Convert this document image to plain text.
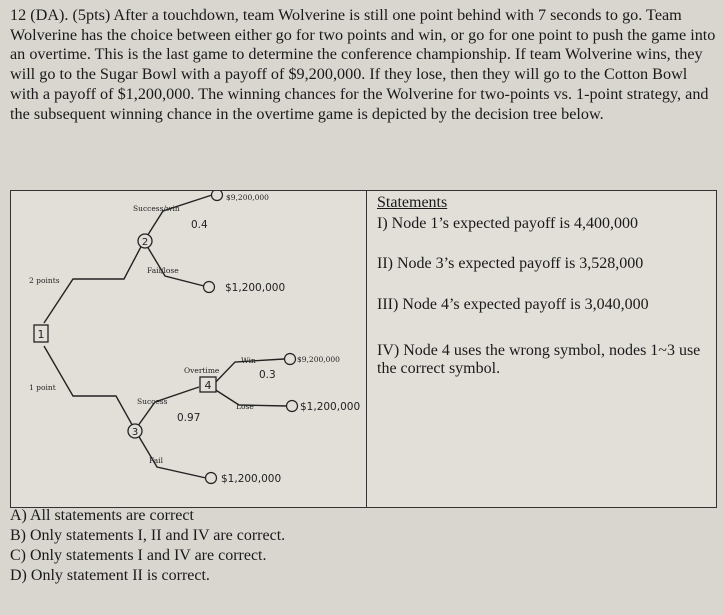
12 (DA). (5pts) After a touchdown, team Wolverine is still one point behind with 7 seconds to go. Team Wolverine has the choice between either go for two points and win, or go for one point to push the game into an overtime. This is the last game to determine the conference championship. If team Wolverine wins, they will go to the Sugar Bowl with a payoff of $9,200,000. If they lose, then they will go to the Cotton Bowl with a payoff of $1,200,000. The winning chances for the Wolverine for two-points vs. 1-point strategy, and the subsequent winning chance in the overtime game is depicted by the decision tree below.

1
2
3
4
Success/win
0.4
$9,200,000
Fail/lose
$1,200,000
2 points
1 point
Success
0.97
Fail
$1,200,000
Overtime
Win
0.3
$9,200,000
Lose	$1,200,000
Statements
I) Node 1’s expected payoff is 4,400,000
II) Node 3’s expected payoff is 3,528,000
III) Node 4’s expected payoff is 3,040,000
IV) Node 4 uses the wrong symbol, nodes 1~3 use the correct symbol.
A) All statements are correct
B) Only statements I, II and IV are correct.
C) Only statements I and IV are correct.
D) Only statement II is correct.
